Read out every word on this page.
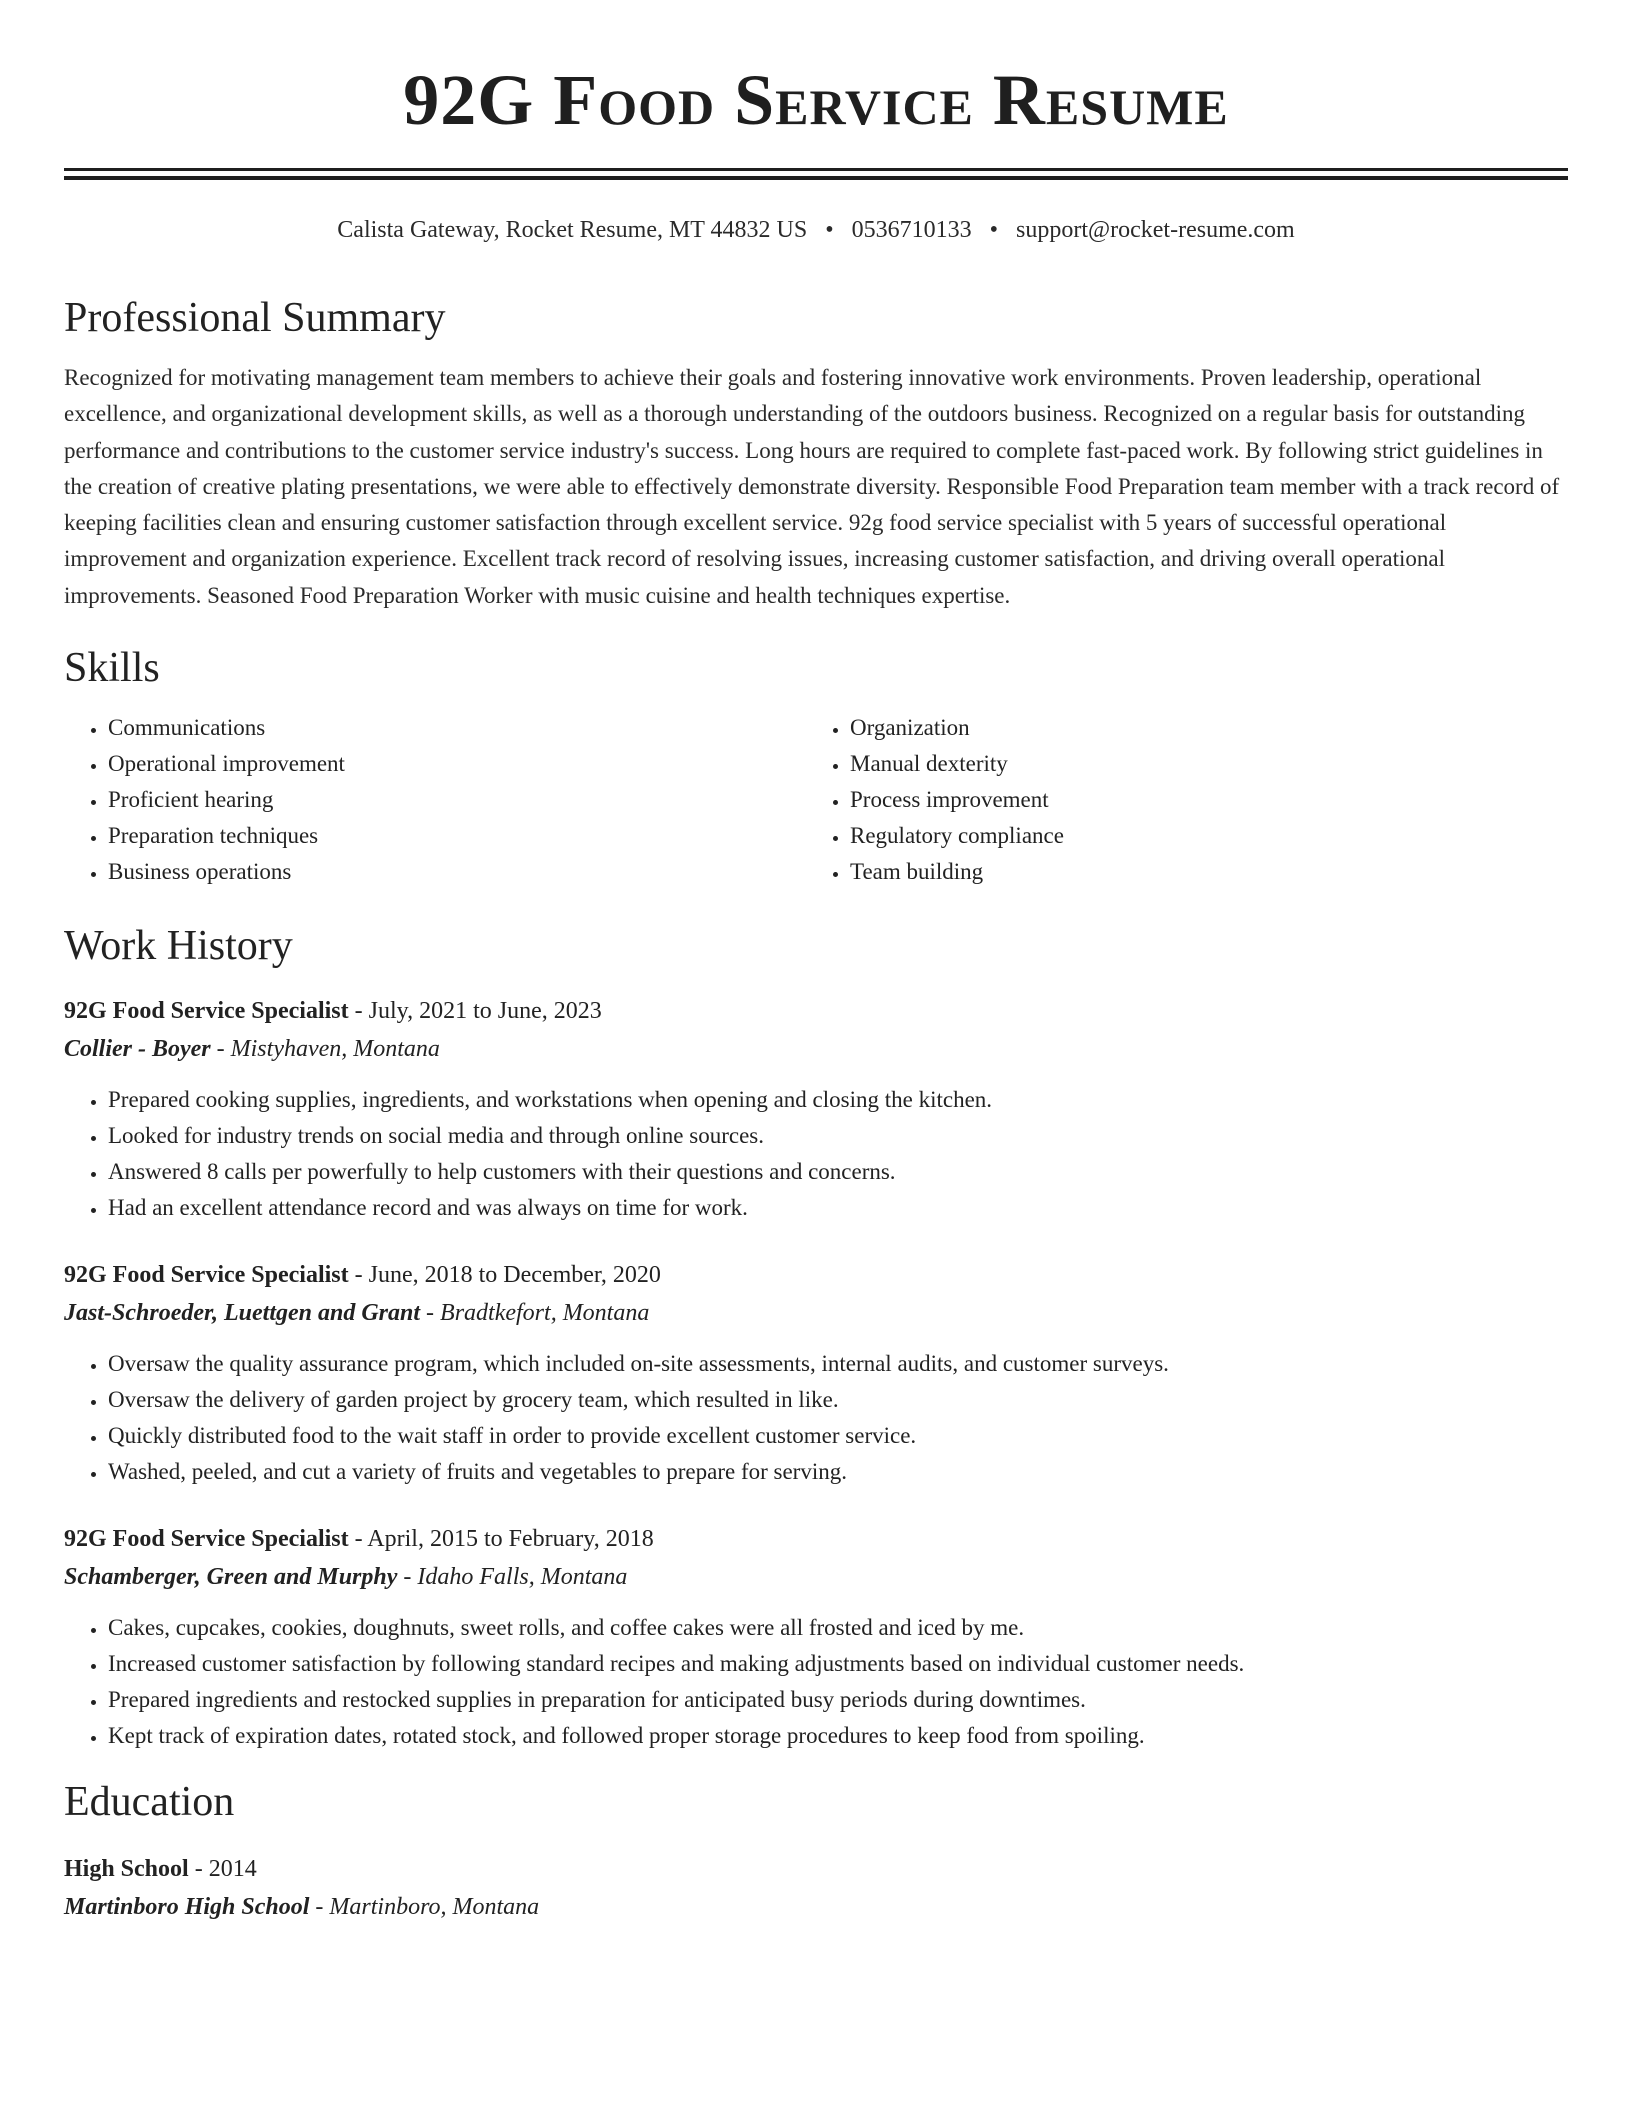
92G Food Service Resume
Calista Gateway, Rocket Resume, MT 44832 US • 0536710133 • support@rocket-resume.com
Professional Summary

Recognized for motivating management team members to achieve their goals and fostering innovative work environments. Proven leadership, operational excellence, and organizational development skills, as well as a thorough understanding of the outdoors business. Recognized on a regular basis for outstanding performance and contributions to the customer service industry's success. Long hours are required to complete fast-paced work. By following strict guidelines in the creation of creative plating presentations, we were able to effectively demonstrate diversity. Responsible Food Preparation team member with a track record of keeping facilities clean and ensuring customer satisfaction through excellent service. 92g food service specialist with 5 years of successful operational improvement and organization experience. Excellent track record of resolving issues, increasing customer satisfaction, and driving overall operational improvements. Seasoned Food Preparation Worker with music cuisine and health techniques expertise.

Skills
• Communications
• Operational improvement
• Proficient hearing
• Preparation techniques
• Business operations
• Organization
• Manual dexterity
• Process improvement
• Regulatory compliance
• Team building
Work History
92G Food Service Specialist - July, 2021 to June, 2023
Collier - Boyer - Mistyhaven, Montana
• Prepared cooking supplies, ingredients, and workstations when opening and closing the kitchen.
• Looked for industry trends on social media and through online sources.
• Answered 8 calls per powerfully to help customers with their questions and concerns.
• Had an excellent attendance record and was always on time for work.
92G Food Service Specialist - June, 2018 to December, 2020
Jast-Schroeder, Luettgen and Grant - Bradtkefort, Montana
• Oversaw the quality assurance program, which included on-site assessments, internal audits, and customer surveys.
• Oversaw the delivery of garden project by grocery team, which resulted in like.
• Quickly distributed food to the wait staff in order to provide excellent customer service.
• Washed, peeled, and cut a variety of fruits and vegetables to prepare for serving.
92G Food Service Specialist - April, 2015 to February, 2018
Schamberger, Green and Murphy - Idaho Falls, Montana
• Cakes, cupcakes, cookies, doughnuts, sweet rolls, and coffee cakes were all frosted and iced by me.
• Increased customer satisfaction by following standard recipes and making adjustments based on individual customer needs.
• Prepared ingredients and restocked supplies in preparation for anticipated busy periods during downtimes.
• Kept track of expiration dates, rotated stock, and followed proper storage procedures to keep food from spoiling.
Education
High School - 2014
Martinboro High School - Martinboro, Montana
